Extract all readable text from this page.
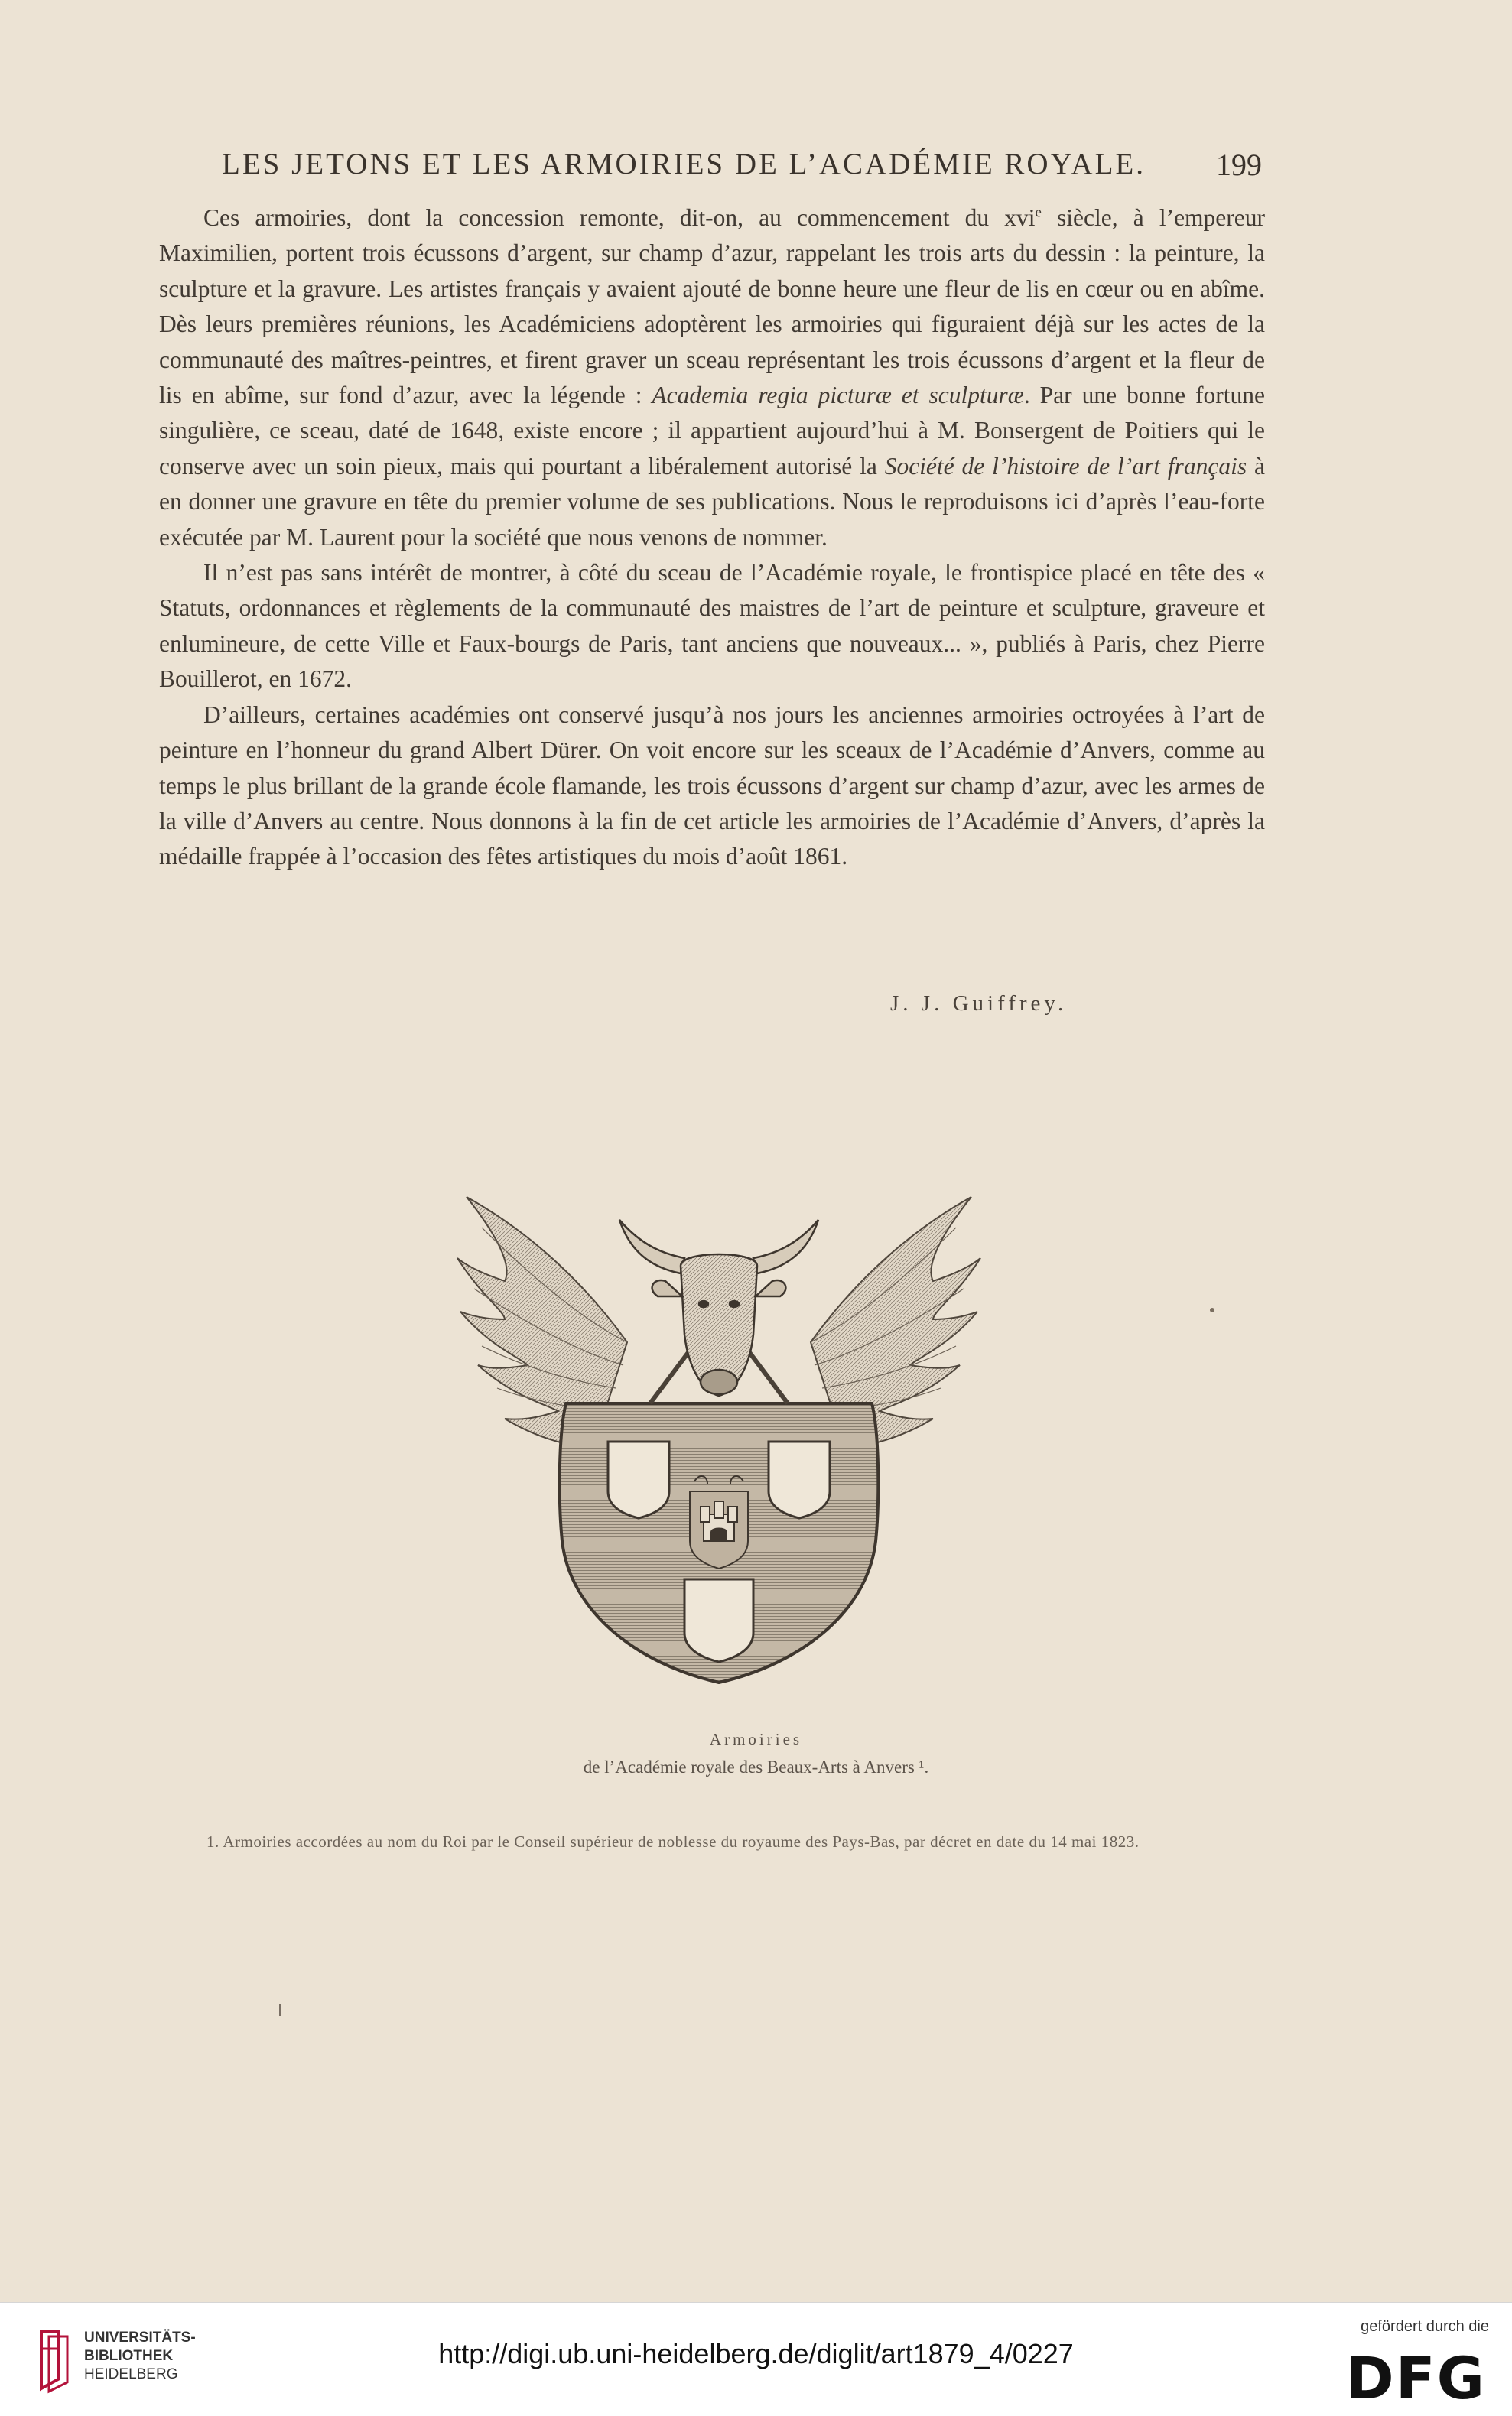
LES JETONS ET LES ARMOIRIES DE L’ACADÉMIE ROYALE. 199

Ces armoiries, dont la concession remonte, dit-on, au commencement du xvi$^e$ siècle, à l’empereur Maximilien, portent trois écussons d’argent, sur champ d’azur, rappelant les trois arts du dessin : la peinture, la sculpture et la gravure. Les artistes français y avaient ajouté de bonne heure une fleur de lis en cœur ou en abîme. Dès leurs premières réunions, les Académiciens adoptèrent les armoiries qui figuraient déjà sur les actes de la communauté des maîtres-peintres, et firent graver un sceau représentant les trois écussons d’argent et la fleur de lis en abîme, sur fond d’azur, avec la légende : Academia regia picturæ et sculpturæ. Par une bonne fortune singulière, ce sceau, daté de 1648, existe encore ; il appartient aujourd’hui à M. Bonsergent de Poitiers qui le conserve avec un soin pieux, mais qui pourtant a libéralement autorisé la Société de l’histoire de l’art français à en donner une gravure en tête du premier volume de ses publications. Nous le reproduisons ici d’après l’eau-forte exécutée par M. Laurent pour la société que nous venons de nommer.

Il n’est pas sans intérêt de montrer, à côté du sceau de l’Académie royale, le frontispice placé en tête des « Statuts, ordonnances et règlements de la communauté des maistres de l’art de peinture et sculpture, graveure et enlumineure, de cette Ville et Faux-bourgs de Paris, tant anciens que nouveaux... », publiés à Paris, chez Pierre Bouillerot, en 1672.

D’ailleurs, certaines académies ont conservé jusqu’à nos jours les anciennes armoiries octroyées à l’art de peinture en l’honneur du grand Albert Dürer. On voit encore sur les sceaux de l’Académie d’Anvers, comme au temps le plus brillant de la grande école flamande, les trois écussons d’argent sur champ d’azur, avec les armes de la ville d’Anvers au centre. Nous donnons à la fin de cet article les armoiries de l’Académie d’Anvers, d’après la médaille frappée à l’occasion des fêtes artistiques du mois d’août 1861.

J. J. Guiffrey.
Armoiries
de l’Académie royale des Beaux-Arts à Anvers ¹.
1. Armoiries accordées au nom du Roi par le Conseil supérieur de noblesse du royaume des Pays-Bas, par décret en date du 14 mai 1823.
UNIVERSITÄTS-
BIBLIOTHEK
HEIDELBERG
http://digi.ub.uni-heidelberg.de/diglit/art1879_4/0227
gefördert durch die
DFG
